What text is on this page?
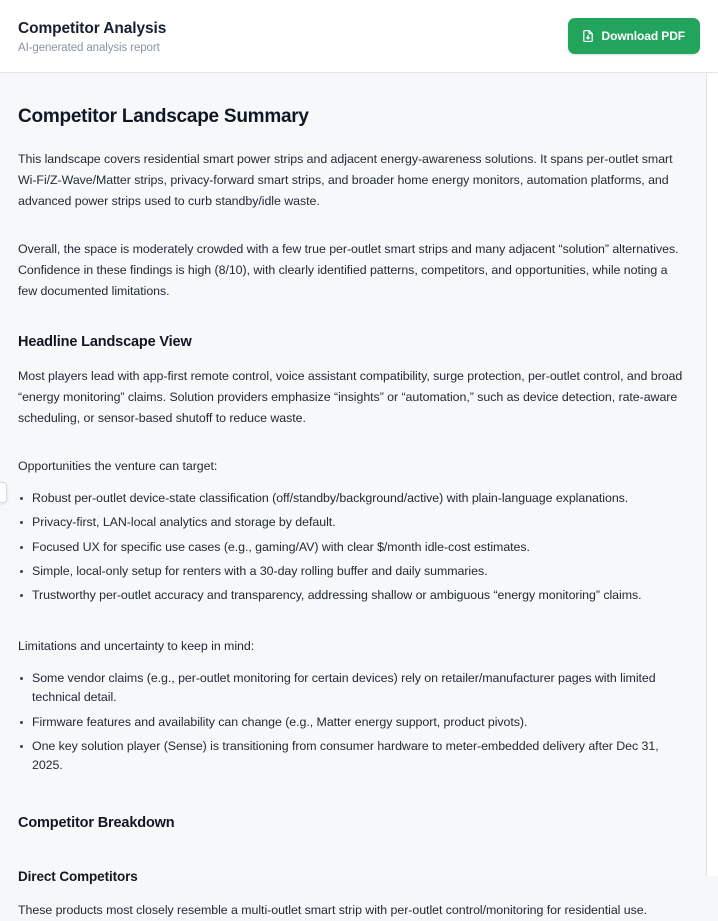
Competitor Analysis
AI-generated analysis report
Download PDF
Competitor Landscape Summary

This landscape covers residential smart power strips and adjacent energy-awareness solutions. It spans per-outlet smart Wi-Fi/Z-Wave/Matter strips, privacy-forward smart strips, and broader home energy monitors, automation platforms, and advanced power strips used to curb standby/idle waste.

Overall, the space is moderately crowded with a few true per-outlet smart strips and many adjacent “solution” alternatives. Confidence in these findings is high (8/10), with clearly identified patterns, competitors, and opportunities, while noting a few documented limitations.

Headline Landscape View

Most players lead with app-first remote control, voice assistant compatibility, surge protection, per-outlet control, and broad “energy monitoring” claims. Solution providers emphasize “insights” or “automation,” such as device detection, rate-aware scheduling, or sensor-based shutoff to reduce waste.

Opportunities the venture can target:

Robust per-outlet device-state classification (off/standby/background/active) with plain-language explanations.
Privacy-first, LAN-local analytics and storage by default.
Focused UX for specific use cases (e.g., gaming/AV) with clear $/month idle-cost estimates.
Simple, local-only setup for renters with a 30-day rolling buffer and daily summaries.
Trustworthy per-outlet accuracy and transparency, addressing shallow or ambiguous “energy monitoring” claims.

Limitations and uncertainty to keep in mind:

Some vendor claims (e.g., per-outlet monitoring for certain devices) rely on retailer/manufacturer pages with limited technical detail.
Firmware features and availability can change (e.g., Matter energy support, product pivots).
One key solution player (Sense) is transitioning from consumer hardware to meter-embedded delivery after Dec 31, 2025.
Competitor Breakdown
Direct Competitors

These products most closely resemble a multi-outlet smart strip with per-outlet control/monitoring for residential use.
